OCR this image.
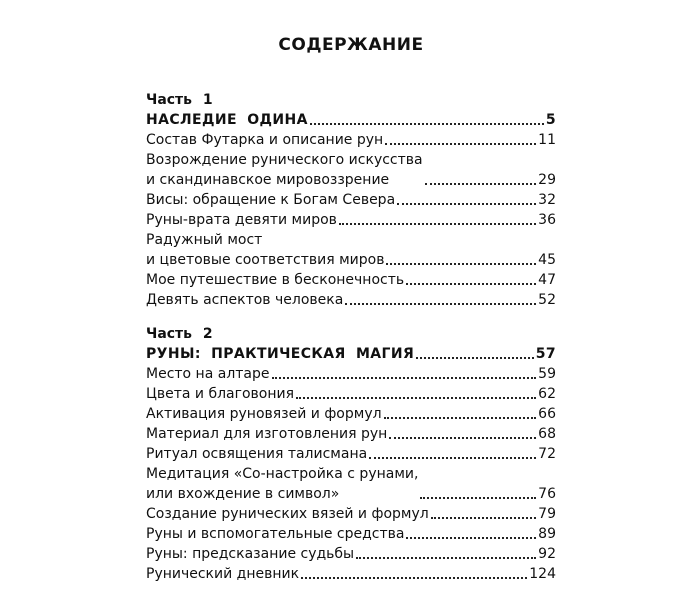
СОДЕРЖАНИЕ
Часть 1
НАСЛЕДИЕ ОДИНА	5
Состав Футарка и описание рун	11
Возрождение рунического искусства
и скандинавское мировоззрение	29
Висы: обращение к Богам Севера	32
Руны-врата девяти миров	36
Радужный мост
и цветовые соответствия миров	45
Мое путешествие в бесконечность	47
Девять аспектов человека	52
Часть 2
РУНЫ: ПРАКТИЧЕСКАЯ МАГИЯ	57
Место на алтаре	59
Цвета и благовония	62
Активация руновязей и формул	66
Материал для изготовления рун	68
Ритуал освящения талисмана	72
Медитация «Со-настройка с рунами,
или вхождение в символ»	76
Создание рунических вязей и формул	79
Руны и вспомогательные средства	89
Руны: предсказание судьбы	92
Рунический дневник	124
